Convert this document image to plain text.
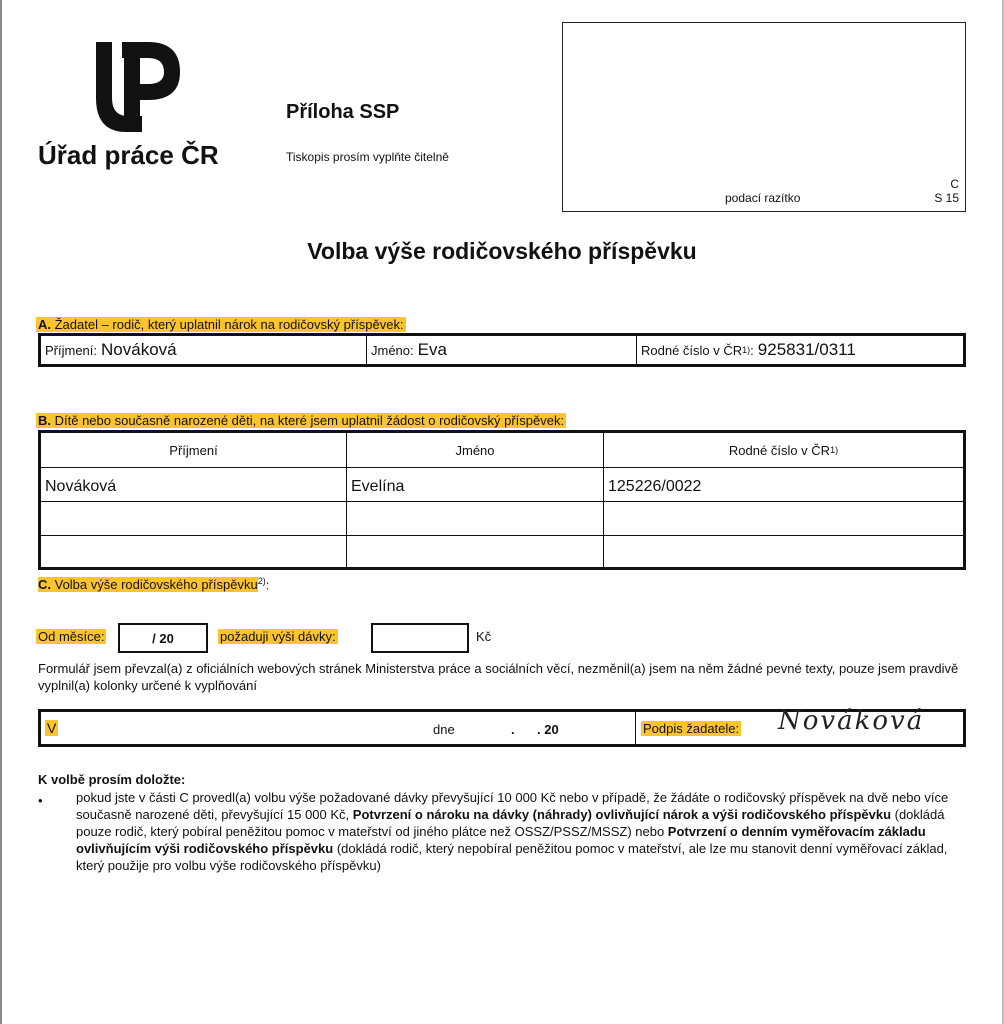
Úřad práce ČR
Příloha SSP
Tiskopis prosím vyplňte čitelně
podací razítko
C
S 15
Volba výše rodičovského příspěvku
A. Žadatel – rodič, který uplatnil nárok na rodičovský příspěvek:
Příjmení: Nováková	Jméno: Eva	Rodné číslo v ČR 1) : 925831/0311
B. Dítě nebo současně narozené děti, na které jsem uplatnil žádost o rodičovský příspěvek:
Příjmení	Jméno	Rodné číslo v ČR 1)
Nováková	Evelína	125226/0022
C. Volba výše rodičovského příspěvku$^{2)}$:
Od měsíce:	/ 20	požaduji výši dávky:	Kč
Formulář jsem převzal(a) z oficiálních webových stránek Ministerstva práce a sociálních věcí, nezměnil(a) jsem na něm žádné pevné texty, pouze jsem pravdivě vyplnil(a) kolonky určené k vyplňování
V	dne	. . 20	Podpis žadatele: Nováková
K volbě prosím doložte:
•	pokud jste v části C provedl(a) volbu výše požadované dávky převyšující 10 000 Kč nebo v případě, že žádáte o rodičovský příspěvek na dvě nebo více současně narozené děti, převyšující 15 000 Kč, Potvrzení o nároku na dávky (náhrady) ovlivňující nárok a výši rodičovského příspěvku (dokládá pouze rodič, který pobíral peněžitou pomoc v mateřství od jiného plátce než OSSZ/PSSZ/MSSZ) nebo Potvrzení o denním vyměřovacím základu ovlivňujícím výši rodičovského příspěvku (dokládá rodič, který nepobíral peněžitou pomoc v mateřství, ale lze mu stanovit denní vyměřovací základ, který použije pro volbu výše rodičovského příspěvku)
